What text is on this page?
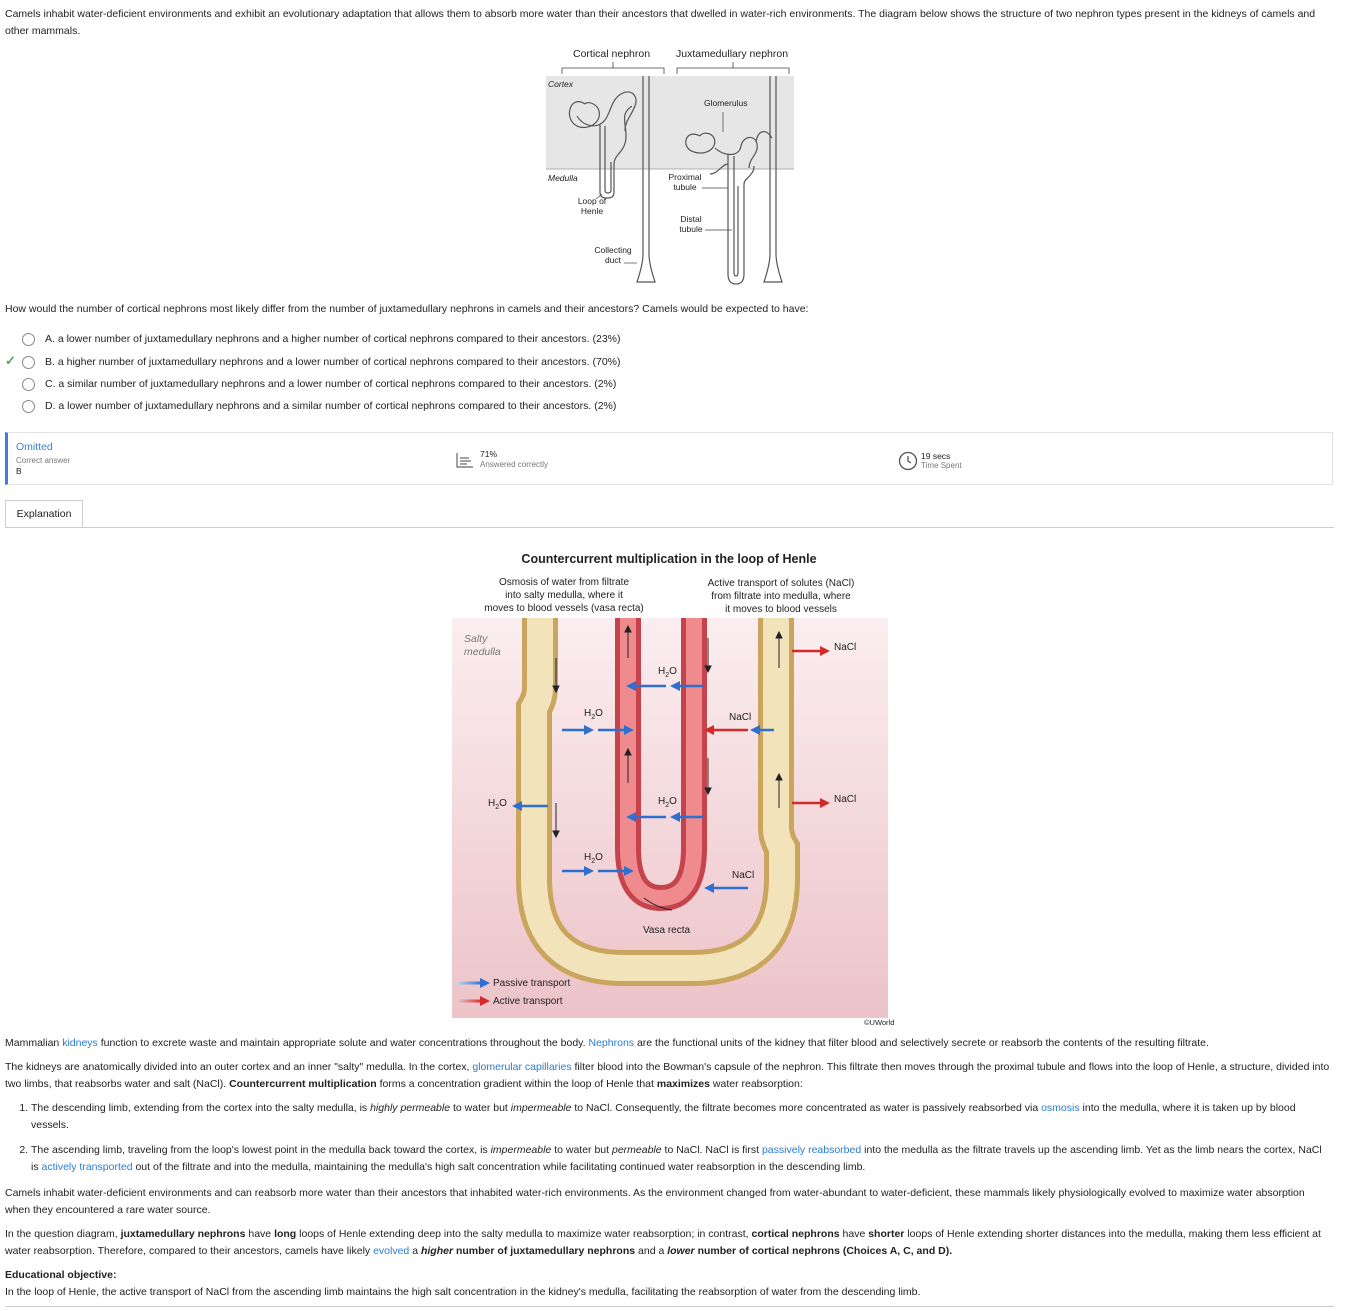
Camels inhabit water-deficient environments and exhibit an evolutionary adaptation that allows them to absorb more water than their ancestors that dwelled in water-rich environments. The diagram below shows the structure of two nephron types present in the kidneys of camels and other mammals.
Cortical nephron Juxtamedullary nephron
Cortex
Medulla
Glomerulus
Proximal
tubule
Loop of
Henle
Distal
tubule
Collecting
duct
How would the number of cortical nephrons most likely differ from the number of juxtamedullary nephrons in camels and their ancestors? Camels would be expected to have:
A.
a lower number of juxtamedullary nephrons and a higher number of cortical nephrons compared to their ancestors.
(23%)
✓	B.
a higher number of juxtamedullary nephrons and a lower number of cortical nephrons compared to their ancestors.
(70%)
C.
a similar number of juxtamedullary nephrons and a lower number of cortical nephrons compared to their ancestors.
(2%)
D.
a lower number of juxtamedullary nephrons and a similar number of cortical nephrons compared to their ancestors.
(2%)
Omitted
Correct answer
B
71%
Answered correctly
19 secs
Time Spent
Explanation
Countercurrent multiplication in the loop of Henle
Osmosis of water from filtrate
into salty medulla, where it
moves to blood vessels (vasa recta)
Active transport of solutes (NaCl)
from filtrate into medulla, where
it moves to blood vessels
$H_2O$
$H_2O$
$H_2O$	$H_2O$
$H_2O$
NaCl
NaCl
NaCl
NaCl
Salty
medulla
Vasa recta
Passive transport
Active transport
©UWorld
Mammalian kidneys function to excrete waste and maintain appropriate solute and water concentrations throughout the body. Nephrons are the functional units of the kidney that filter blood and selectively secrete or reabsorb the contents of the resulting filtrate.
The kidneys are anatomically divided into an outer cortex and an inner "salty" medulla. In the cortex, glomerular capillaries filter blood into the Bowman's capsule of the nephron. This filtrate then moves through the proximal tubule and flows into the loop of Henle, a structure, divided into two limbs, that reabsorbs water and salt (NaCl). Countercurrent multiplication forms a concentration gradient within the loop of Henle that maximizes water reabsorption:
1. The descending limb, extending from the cortex into the salty medulla, is highly permeable to water but impermeable to NaCl. Consequently, the filtrate becomes more concentrated as water is passively reabsorbed via osmosis into the medulla, where it is taken up by blood vessels.
2. The ascending limb, traveling from the loop's lowest point in the medulla back toward the cortex, is impermeable to water but permeable to NaCl. NaCl is first passively reabsorbed into the medulla as the filtrate travels up the ascending limb. Yet as the limb nears the cortex, NaCl is actively transported out of the filtrate and into the medulla, maintaining the medulla's high salt concentration while facilitating continued water reabsorption in the descending limb.
Camels inhabit water-deficient environments and can reabsorb more water than their ancestors that inhabited water-rich environments. As the environment changed from water-abundant to water-deficient, these mammals likely physiologically evolved to maximize water absorption when they encountered a rare water source.
In the question diagram, juxtamedullary nephrons have long loops of Henle extending deep into the salty medulla to maximize water reabsorption; in contrast, cortical nephrons have shorter loops of Henle extending shorter distances into the medulla, making them less efficient at water reabsorption. Therefore, compared to their ancestors, camels have likely evolved a higher number of juxtamedullary nephrons and a lower number of cortical nephrons (Choices A, C, and D).
Educational objective:
In the loop of Henle, the active transport of NaCl from the ascending limb maintains the high salt concentration in the kidney's medulla, facilitating the reabsorption of water from the descending limb.
